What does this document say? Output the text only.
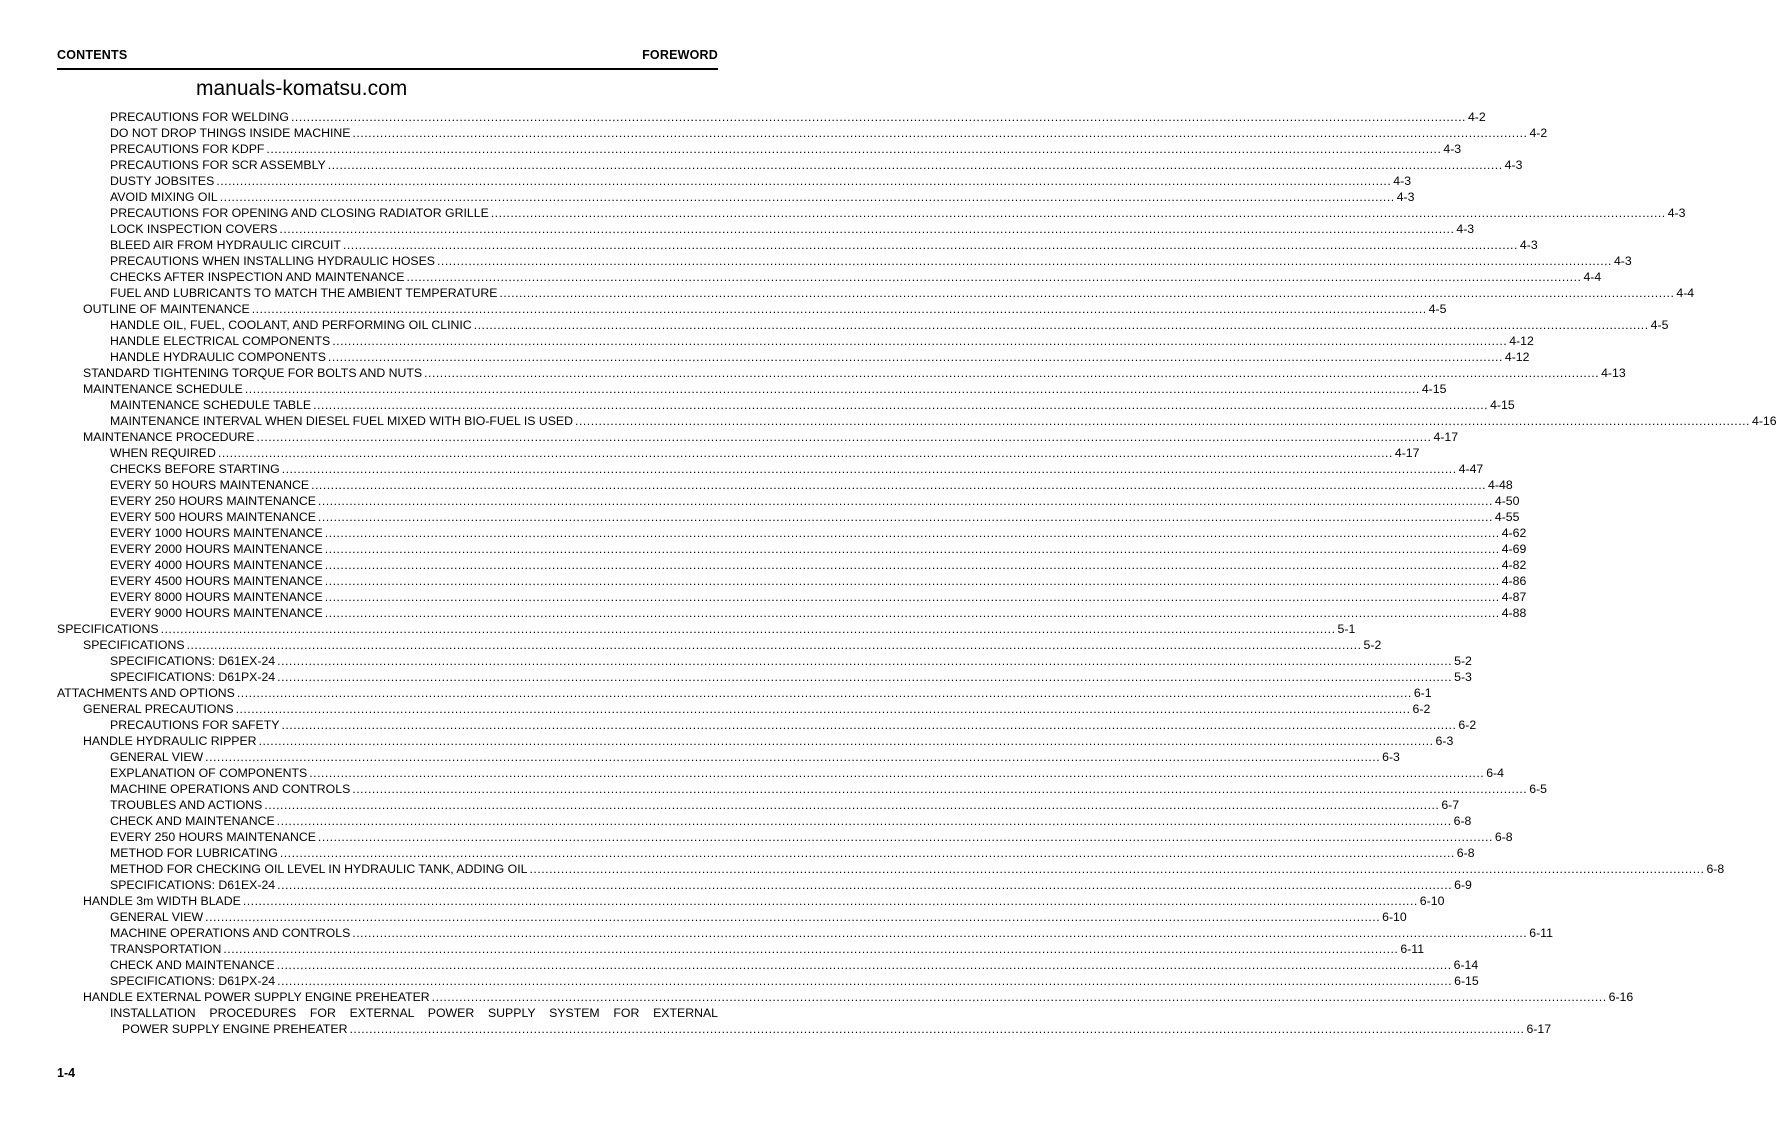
CONTENTS	FOREWORD
manuals-komatsu.com
PRECAUTIONS FOR WELDING ............................................................................................................................................................................................................................................................................................................ 4-2
DO NOT DROP THINGS INSIDE MACHINE ............................................................................................................................................................................................................................................................................................................ 4-2
PRECAUTIONS FOR KDPF ............................................................................................................................................................................................................................................................................................................ 4-3
PRECAUTIONS FOR SCR ASSEMBLY ............................................................................................................................................................................................................................................................................................................ 4-3
DUSTY JOBSITES ............................................................................................................................................................................................................................................................................................................ 4-3
AVOID MIXING OIL ............................................................................................................................................................................................................................................................................................................ 4-3
PRECAUTIONS FOR OPENING AND CLOSING RADIATOR GRILLE ............................................................................................................................................................................................................................................................................................................ 4-3
LOCK INSPECTION COVERS ............................................................................................................................................................................................................................................................................................................ 4-3
BLEED AIR FROM HYDRAULIC CIRCUIT ............................................................................................................................................................................................................................................................................................................ 4-3
PRECAUTIONS WHEN INSTALLING HYDRAULIC HOSES ............................................................................................................................................................................................................................................................................................................ 4-3
CHECKS AFTER INSPECTION AND MAINTENANCE ............................................................................................................................................................................................................................................................................................................ 4-4
FUEL AND LUBRICANTS TO MATCH THE AMBIENT TEMPERATURE ............................................................................................................................................................................................................................................................................................................ 4-4
OUTLINE OF MAINTENANCE ............................................................................................................................................................................................................................................................................................................ 4-5
HANDLE OIL, FUEL, COOLANT, AND PERFORMING OIL CLINIC ............................................................................................................................................................................................................................................................................................................ 4-5
HANDLE ELECTRICAL COMPONENTS ............................................................................................................................................................................................................................................................................................................ 4-12
HANDLE HYDRAULIC COMPONENTS ............................................................................................................................................................................................................................................................................................................ 4-12
STANDARD TIGHTENING TORQUE FOR BOLTS AND NUTS ............................................................................................................................................................................................................................................................................................................ 4-13
MAINTENANCE SCHEDULE ............................................................................................................................................................................................................................................................................................................ 4-15
MAINTENANCE SCHEDULE TABLE ............................................................................................................................................................................................................................................................................................................ 4-15
MAINTENANCE INTERVAL WHEN DIESEL FUEL MIXED WITH BIO-FUEL IS USED ............................................................................................................................................................................................................................................................................................................ 4-16
MAINTENANCE PROCEDURE ............................................................................................................................................................................................................................................................................................................ 4-17
WHEN REQUIRED ............................................................................................................................................................................................................................................................................................................ 4-17
CHECKS BEFORE STARTING ............................................................................................................................................................................................................................................................................................................ 4-47
EVERY 50 HOURS MAINTENANCE ............................................................................................................................................................................................................................................................................................................ 4-48
EVERY 250 HOURS MAINTENANCE ............................................................................................................................................................................................................................................................................................................ 4-50
EVERY 500 HOURS MAINTENANCE ............................................................................................................................................................................................................................................................................................................ 4-55
EVERY 1000 HOURS MAINTENANCE ............................................................................................................................................................................................................................................................................................................ 4-62
EVERY 2000 HOURS MAINTENANCE ............................................................................................................................................................................................................................................................................................................ 4-69
EVERY 4000 HOURS MAINTENANCE ............................................................................................................................................................................................................................................................................................................ 4-82
EVERY 4500 HOURS MAINTENANCE ............................................................................................................................................................................................................................................................................................................ 4-86
EVERY 8000 HOURS MAINTENANCE ............................................................................................................................................................................................................................................................................................................ 4-87
EVERY 9000 HOURS MAINTENANCE ............................................................................................................................................................................................................................................................................................................ 4-88
SPECIFICATIONS ............................................................................................................................................................................................................................................................................................................ 5-1
SPECIFICATIONS ............................................................................................................................................................................................................................................................................................................ 5-2
SPECIFICATIONS: D61EX-24 ............................................................................................................................................................................................................................................................................................................ 5-2
SPECIFICATIONS: D61PX-24 ............................................................................................................................................................................................................................................................................................................ 5-3
ATTACHMENTS AND OPTIONS ............................................................................................................................................................................................................................................................................................................ 6-1
GENERAL PRECAUTIONS ............................................................................................................................................................................................................................................................................................................ 6-2
PRECAUTIONS FOR SAFETY ............................................................................................................................................................................................................................................................................................................ 6-2
HANDLE HYDRAULIC RIPPER ............................................................................................................................................................................................................................................................................................................ 6-3
GENERAL VIEW ............................................................................................................................................................................................................................................................................................................ 6-3
EXPLANATION OF COMPONENTS ............................................................................................................................................................................................................................................................................................................ 6-4
MACHINE OPERATIONS AND CONTROLS ............................................................................................................................................................................................................................................................................................................ 6-5
TROUBLES AND ACTIONS ............................................................................................................................................................................................................................................................................................................ 6-7
CHECK AND MAINTENANCE ............................................................................................................................................................................................................................................................................................................ 6-8
EVERY 250 HOURS MAINTENANCE ............................................................................................................................................................................................................................................................................................................ 6-8
METHOD FOR LUBRICATING ............................................................................................................................................................................................................................................................................................................ 6-8
METHOD FOR CHECKING OIL LEVEL IN HYDRAULIC TANK, ADDING OIL ............................................................................................................................................................................................................................................................................................................ 6-8
SPECIFICATIONS: D61EX-24 ............................................................................................................................................................................................................................................................................................................ 6-9
HANDLE 3m WIDTH BLADE ............................................................................................................................................................................................................................................................................................................ 6-10
GENERAL VIEW ............................................................................................................................................................................................................................................................................................................ 6-10
MACHINE OPERATIONS AND CONTROLS ............................................................................................................................................................................................................................................................................................................ 6-11
TRANSPORTATION ............................................................................................................................................................................................................................................................................................................ 6-11
CHECK AND MAINTENANCE ............................................................................................................................................................................................................................................................................................................ 6-14
SPECIFICATIONS: D61PX-24 ............................................................................................................................................................................................................................................................................................................ 6-15
HANDLE EXTERNAL POWER SUPPLY ENGINE PREHEATER ............................................................................................................................................................................................................................................................................................................ 6-16
INSTALLATION PROCEDURES FOR EXTERNAL POWER SUPPLY SYSTEM FOR EXTERNAL
POWER SUPPLY ENGINE PREHEATER ............................................................................................................................................................................................................................................................................................................ 6-17
1-4
